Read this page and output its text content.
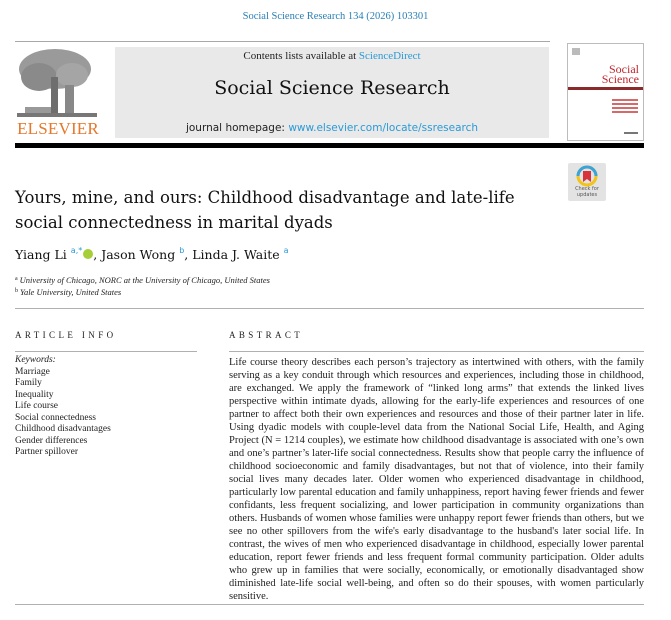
Social Science Research 134 (2026) 103301
ELSEVIER
Contents lists available at ScienceDirect
Social Science Research
journal homepage: www.elsevier.com/locate/ssresearch
Social
Science
Check for updates
Yours, mine, and ours: Childhood disadvantage and late-life social connectedness in marital dyads
Yiang Li $^{a,*}$ , Jason Wong $^b$, Linda J. Waite $^a$
$^a$ University of Chicago, NORC at the University of Chicago, United States
$^b$ Yale University, United States
ARTICLE INFO	ABSTRACT
Keywords:
Marriage
Family
Inequality
Life course
Social connectedness
Childhood disadvantages
Gender differences
Partner spillover
Life course theory describes each person’s trajectory as intertwined with others, with the family serving as a key conduit through which resources and experiences, including those in childhood, are exchanged. We apply the framework of “linked long arms” that extends the linked lives perspective within intimate dyads, allowing for the early-life experiences and resources of one partner to affect both their own experiences and resources and those of their partner later in life. Using dyadic models with couple-level data from the National Social Life, Health, and Aging Project (N = 1214 couples), we estimate how childhood disadvantage is associated with one’s own and one’s partner’s later-life social connectedness. Results show that people carry the influence of childhood socioeconomic and family disadvantages, but not that of violence, into their family social lives many decades later. Older women who experienced disadvantage in childhood, particularly low parental education and family unhappiness, report having fewer friends and fewer confidants, less frequent socializing, and lower participation in community organizations than others. Husbands of women whose families were unhappy report fewer friends than others, but we see no other spillovers from the wife's early disadvantage to the husband's later social life. In contrast, the wives of men who experienced disadvantage in childhood, especially lower parental education, report fewer friends and less frequent formal community participation. Older adults who grew up in families that were socially, economically, or emotionally disadvantaged show diminished late-life social well-being, and often so do their spouses, with women particularly sensitive.
